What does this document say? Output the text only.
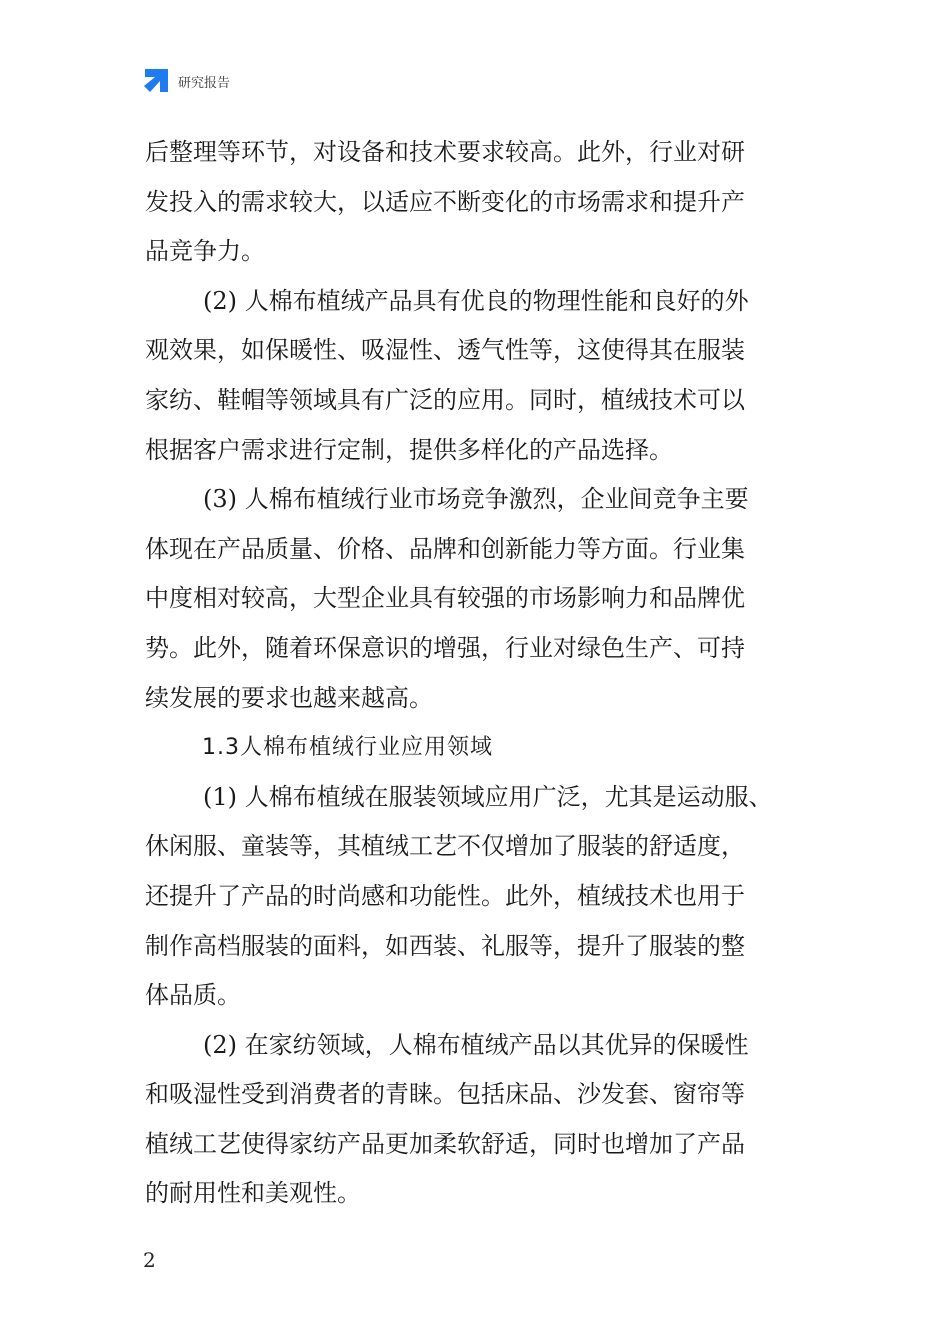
研究报告
后整理等环节，对设备和技术要求较高。此外，行业对研
发投入的需求较大，以适应不断变化的市场需求和提升产
品竞争力。
(2) 人棉布植绒产品具有优良的物理性能和良好的外
观效果，如保暖性、吸湿性、透气性等，这使得其在服装
家纺、鞋帽等领域具有广泛的应用。同时，植绒技术可以
根据客户需求进行定制，提供多样化的产品选择。
(3) 人棉布植绒行业市场竞争激烈，企业间竞争主要
体现在产品质量、价格、品牌和创新能力等方面。行业集
中度相对较高，大型企业具有较强的市场影响力和品牌优
势。此外，随着环保意识的增强，行业对绿色生产、可持
续发展的要求也越来越高。
1.3人棉布植绒行业应用领域
(1) 人棉布植绒在服装领域应用广泛，尤其是运动服、
休闲服、童装等，其植绒工艺不仅增加了服装的舒适度，
还提升了产品的时尚感和功能性。此外，植绒技术也用于
制作高档服装的面料，如西装、礼服等，提升了服装的整
体品质。
(2) 在家纺领域，人棉布植绒产品以其优异的保暖性
和吸湿性受到消费者的青睐。包括床品、沙发套、窗帘等
植绒工艺使得家纺产品更加柔软舒适，同时也增加了产品
的耐用性和美观性。
2
